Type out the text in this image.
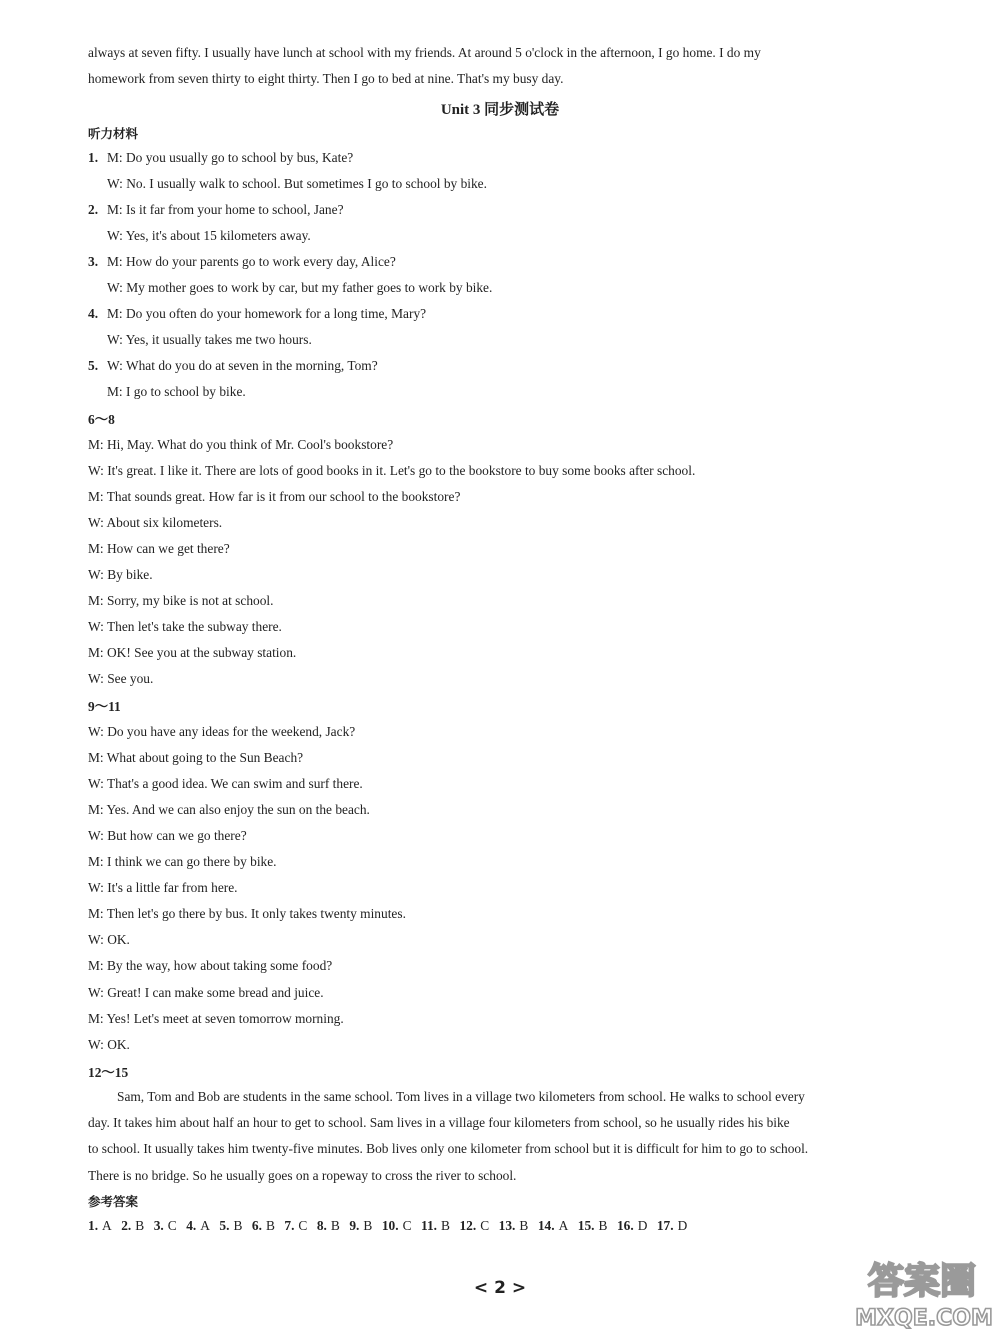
always at seven fifty. I usually have lunch at school with my friends. At around 5 o'clock in the afternoon, I go home. I do my
homework from seven thirty to eight thirty. Then I go to bed at nine. That's my busy day.
Unit 3 同步测试卷
听力材料
1. M: Do you usually go to school by bus, Kate?
W: No. I usually walk to school. But sometimes I go to school by bike.
2. M: Is it far from your home to school, Jane?
W: Yes, it's about 15 kilometers away.
3. M: How do your parents go to work every day, Alice?
W: My mother goes to work by car, but my father goes to work by bike.
4. M: Do you often do your homework for a long time, Mary?
W: Yes, it usually takes me two hours.
5. W: What do you do at seven in the morning, Tom?
M: I go to school by bike.
6～8
M: Hi, May. What do you think of Mr. Cool's bookstore?
W: It's great. I like it. There are lots of good books in it. Let's go to the bookstore to buy some books after school.
M: That sounds great. How far is it from our school to the bookstore?
W: About six kilometers.
M: How can we get there?
W: By bike.
M: Sorry, my bike is not at school.
W: Then let's take the subway there.
M: OK! See you at the subway station.
W: See you.
9～11
W: Do you have any ideas for the weekend, Jack?
M: What about going to the Sun Beach?
W: That's a good idea. We can swim and surf there.
M: Yes. And we can also enjoy the sun on the beach.
W: But how can we go there?
M: I think we can go there by bike.
W: It's a little far from here.
M: Then let's go there by bus. It only takes twenty minutes.
W: OK.
M: By the way, how about taking some food?
W: Great! I can make some bread and juice.
M: Yes! Let's meet at seven tomorrow morning.
W: OK.
12～15
Sam, Tom and Bob are students in the same school. Tom lives in a village two kilometers from school. He walks to school every
day. It takes him about half an hour to get to school. Sam lives in a village four kilometers from school, so he usually rides his bike
to school. It usually takes him twenty-five minutes. Bob lives only one kilometer from school but it is difficult for him to go to school.
There is no bridge. So he usually goes on a ropeway to cross the river to school.
参考答案
1. A 2. B 3. C 4. A 5. B 6. B 7. C 8. B 9. B 10. C 11. B 12. C 13. B 14. A 15. B 16. D 17. D
< 2 >	答案圈
MXQE.COM
